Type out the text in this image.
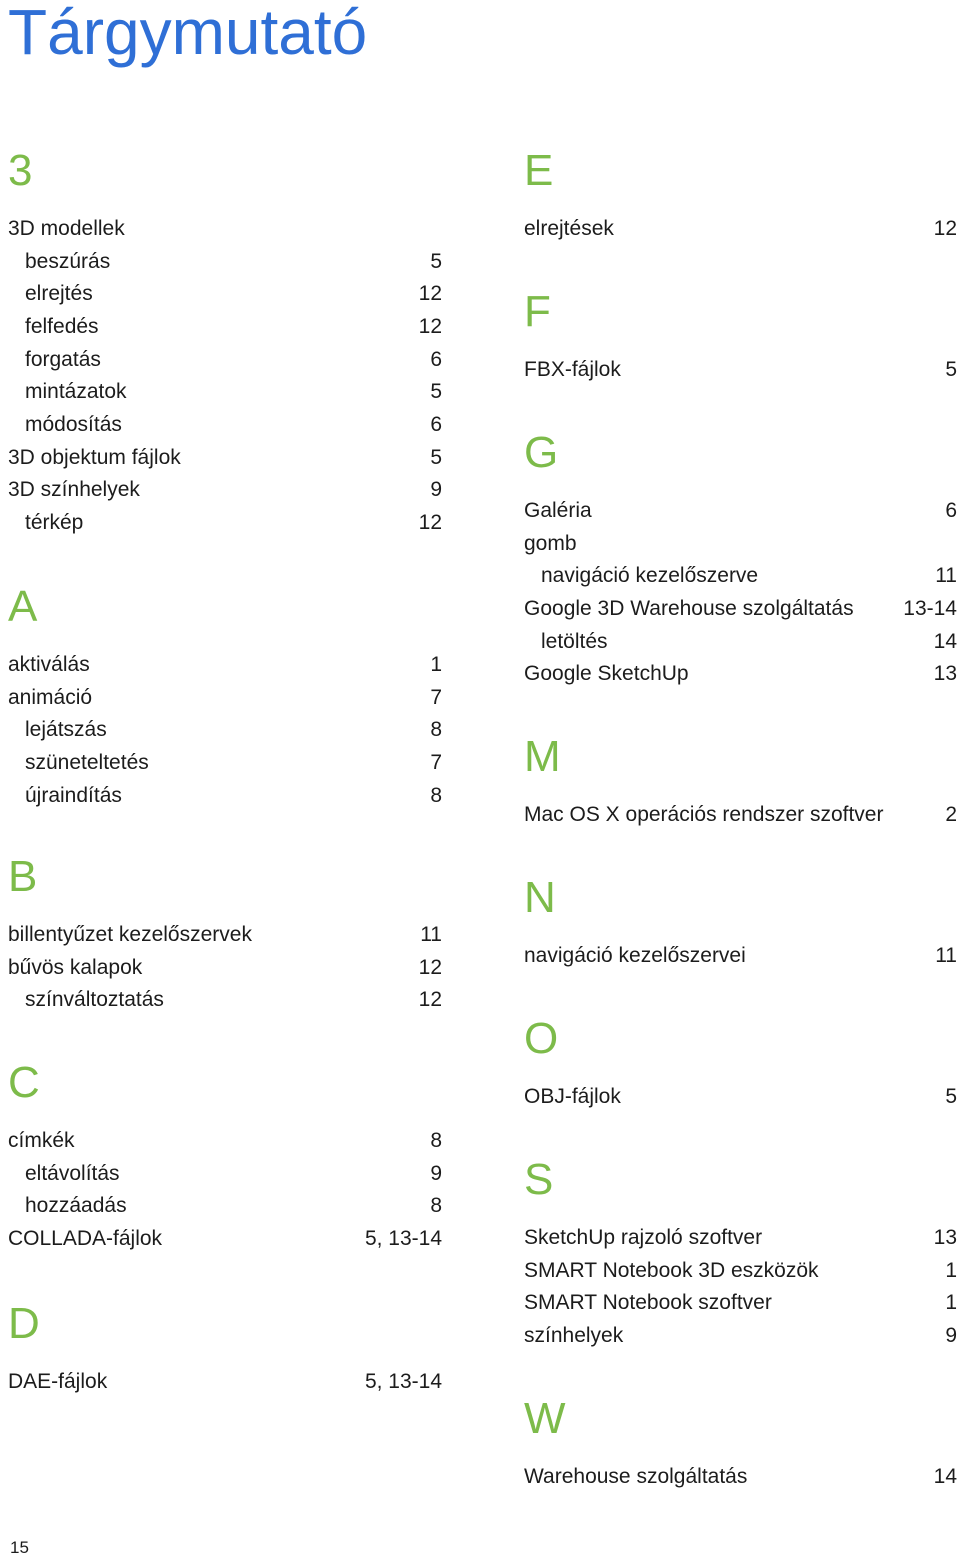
Tárgymutató
3
3D modellek
beszúrás	5
elrejtés	12
felfedés	12
forgatás	6
mintázatok	5
módosítás	6
3D objektum fájlok	5
3D színhelyek	9
térkép	12
A
aktiválás	1
animáció	7
lejátszás	8
szüneteltetés	7
újraindítás	8
B
billentyűzet kezelőszervek	11
bűvös kalapok	12
színváltoztatás	12
C
címkék	8
eltávolítás	9
hozzáadás	8
COLLADA-fájlok	5, 13-14
D
DAE-fájlok	5, 13-14
E
elrejtések	12
F
FBX-fájlok	5
G
Galéria	6
gomb
navigáció kezelőszerve	11
Google 3D Warehouse szolgáltatás 13-14
letöltés	14
Google SketchUp	13
M
Mac OS X operációs rendszer szoftver	2
N
navigáció kezelőszervei	11
O
OBJ-fájlok	5
S
SketchUp rajzoló szoftver	13
SMART Notebook 3D eszközök	1
SMART Notebook szoftver	1
színhelyek	9
W
Warehouse szolgáltatás	14
15
